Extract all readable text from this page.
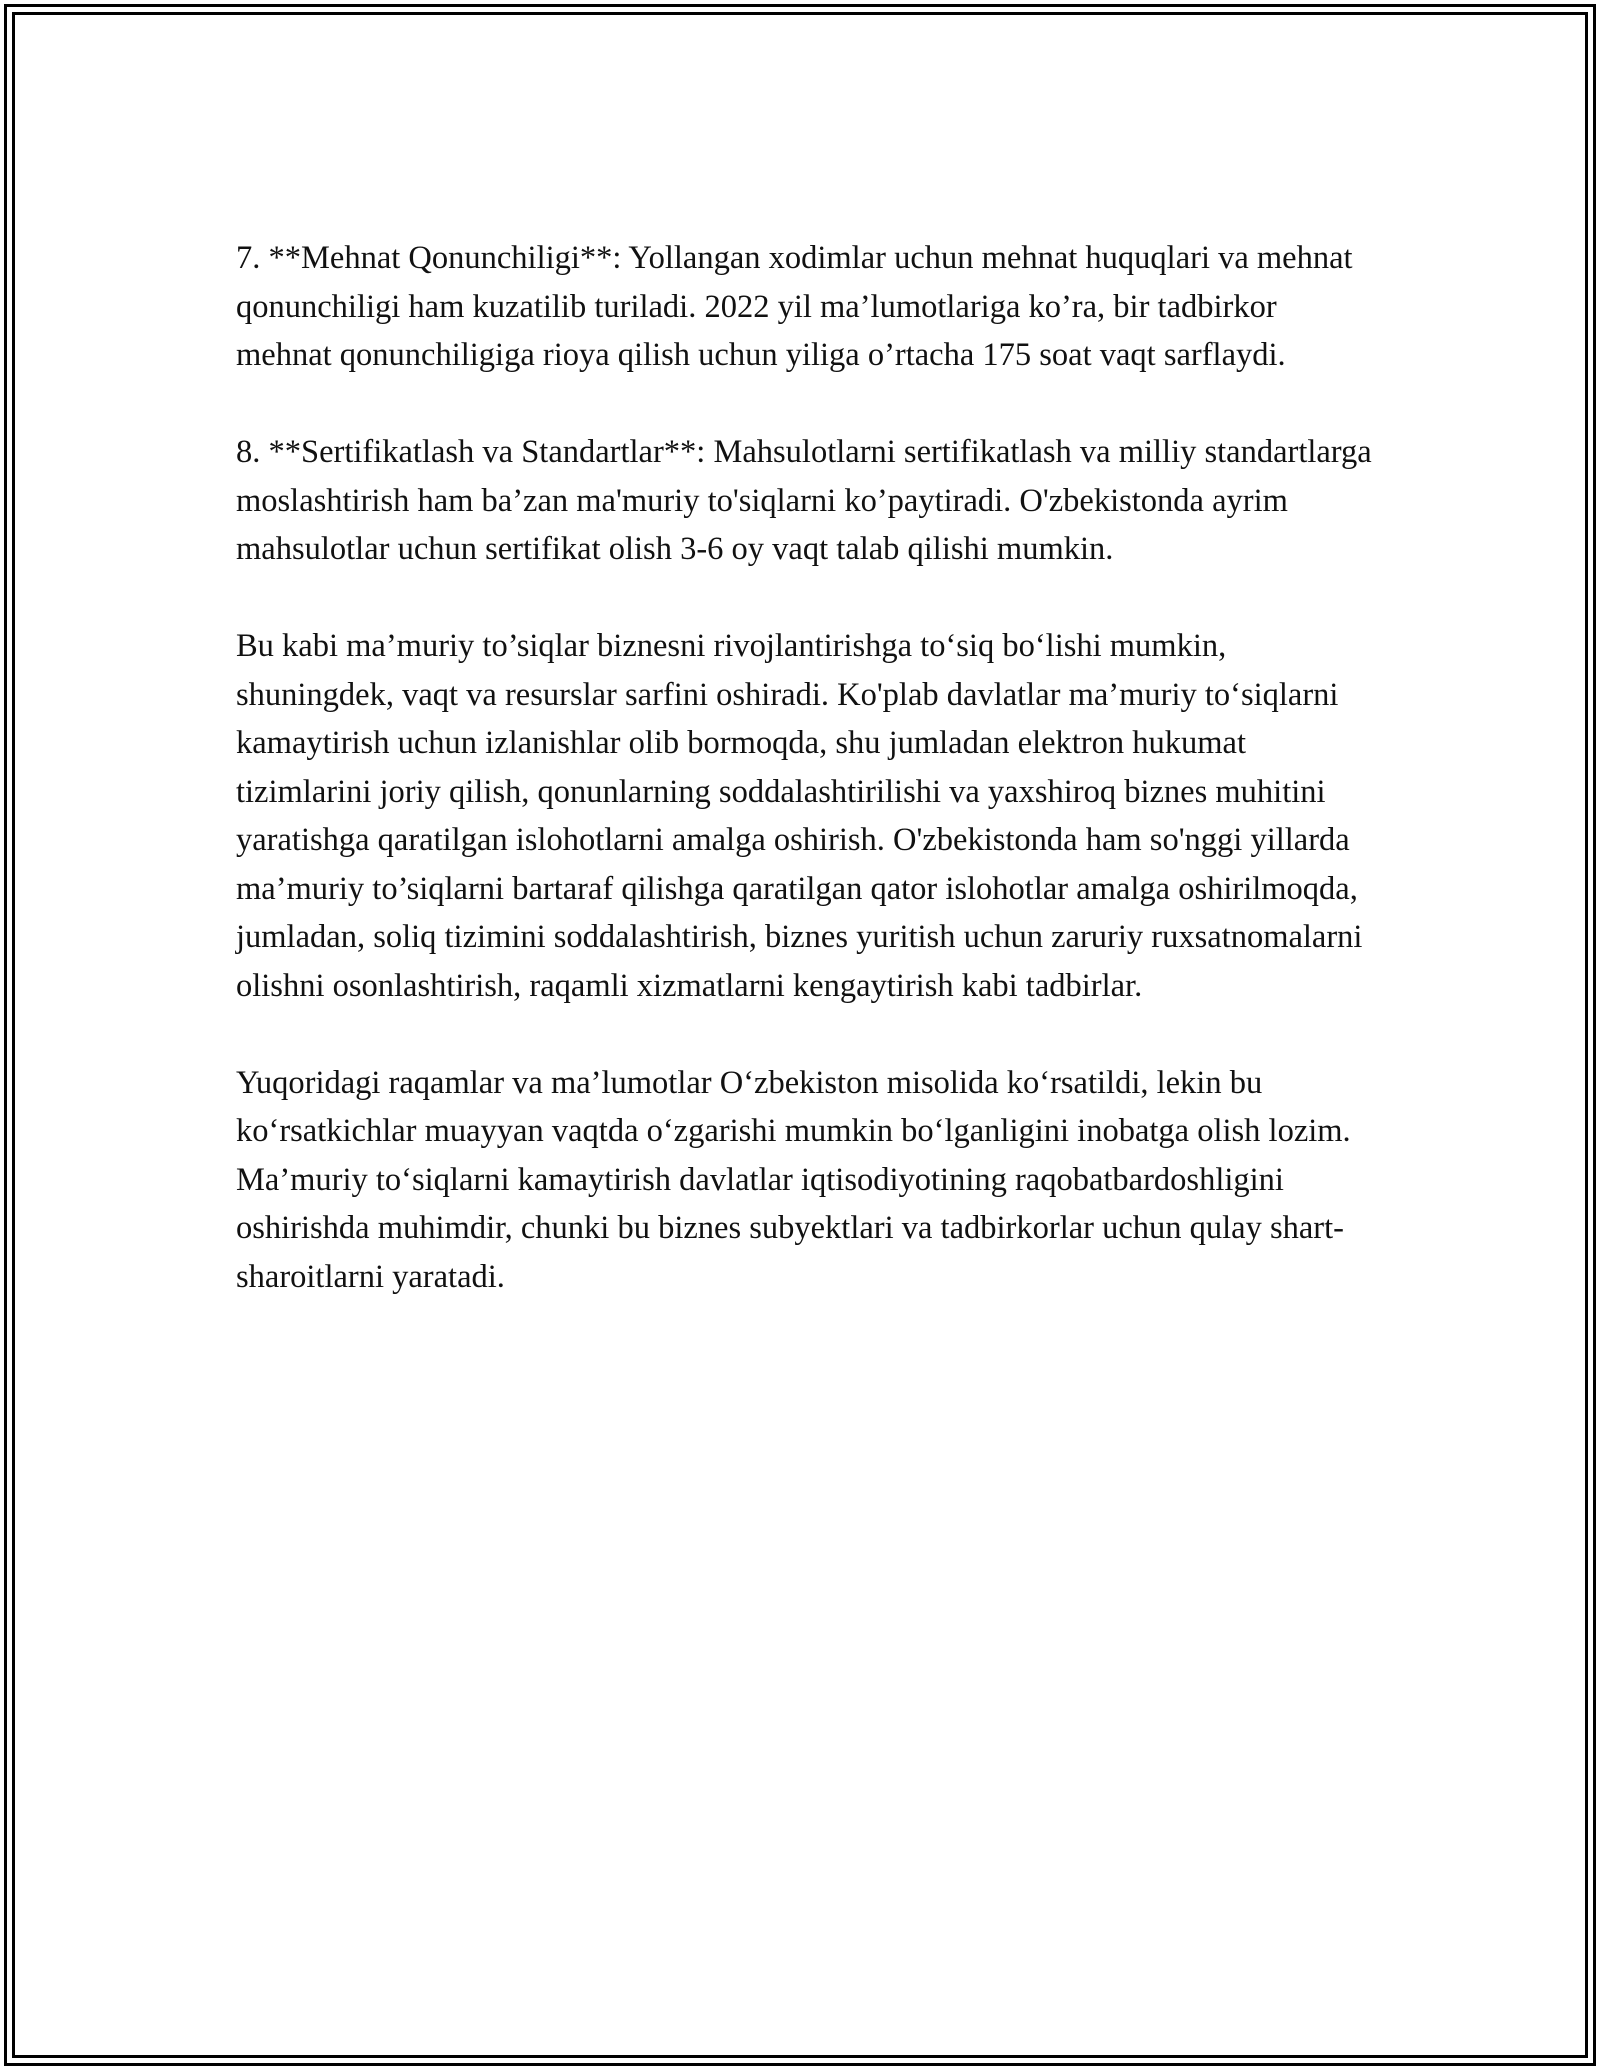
7. **Mehnat Qonunchiligi**: Yollangan xodimlar uchun mehnat huquqlari va mehnat qonunchiligi ham kuzatilib turiladi. 2022 yil ma’lumotlariga ko’ra, bir tadbirkor mehnat qonunchiligiga rioya qilish uchun yiliga o’rtacha 175 soat vaqt sarflaydi.

8. **Sertifikatlash va Standartlar**: Mahsulotlarni sertifikatlash va milliy standartlarga moslashtirish ham ba’zan ma'muriy to'siqlarni ko’paytiradi. O'zbekistonda ayrim mahsulotlar uchun sertifikat olish 3-6 oy vaqt talab qilishi mumkin.

Bu kabi ma’muriy to’siqlar biznesni rivojlantirishga to‘siq bo‘lishi mumkin, shuningdek, vaqt va resurslar sarfini oshiradi. Ko'plab davlatlar ma’muriy to‘siqlarni kamaytirish uchun izlanishlar olib bormoqda, shu jumladan elektron hukumat tizimlarini joriy qilish, qonunlarning soddalashtirilishi va yaxshiroq biznes muhitini yaratishga qaratilgan islohotlarni amalga oshirish. O'zbekistonda ham so'nggi yillarda ma’muriy to’siqlarni bartaraf qilishga qaratilgan qator islohotlar amalga oshirilmoqda, jumladan, soliq tizimini soddalashtirish, biznes yuritish uchun zaruriy ruxsatnomalarni olishni osonlashtirish, raqamli xizmatlarni kengaytirish kabi tadbirlar.

Yuqoridagi raqamlar va ma’lumotlar O‘zbekiston misolida ko‘rsatildi, lekin bu ko‘rsatkichlar muayyan vaqtda o‘zgarishi mumkin bo‘lganligini inobatga olish lozim. Ma’muriy to‘siqlarni kamaytirish davlatlar iqtisodiyotining raqobatbardoshligini oshirishda muhimdir, chunki bu biznes subyektlari va tadbirkorlar uchun qulay shart-sharoitlarni yaratadi.
